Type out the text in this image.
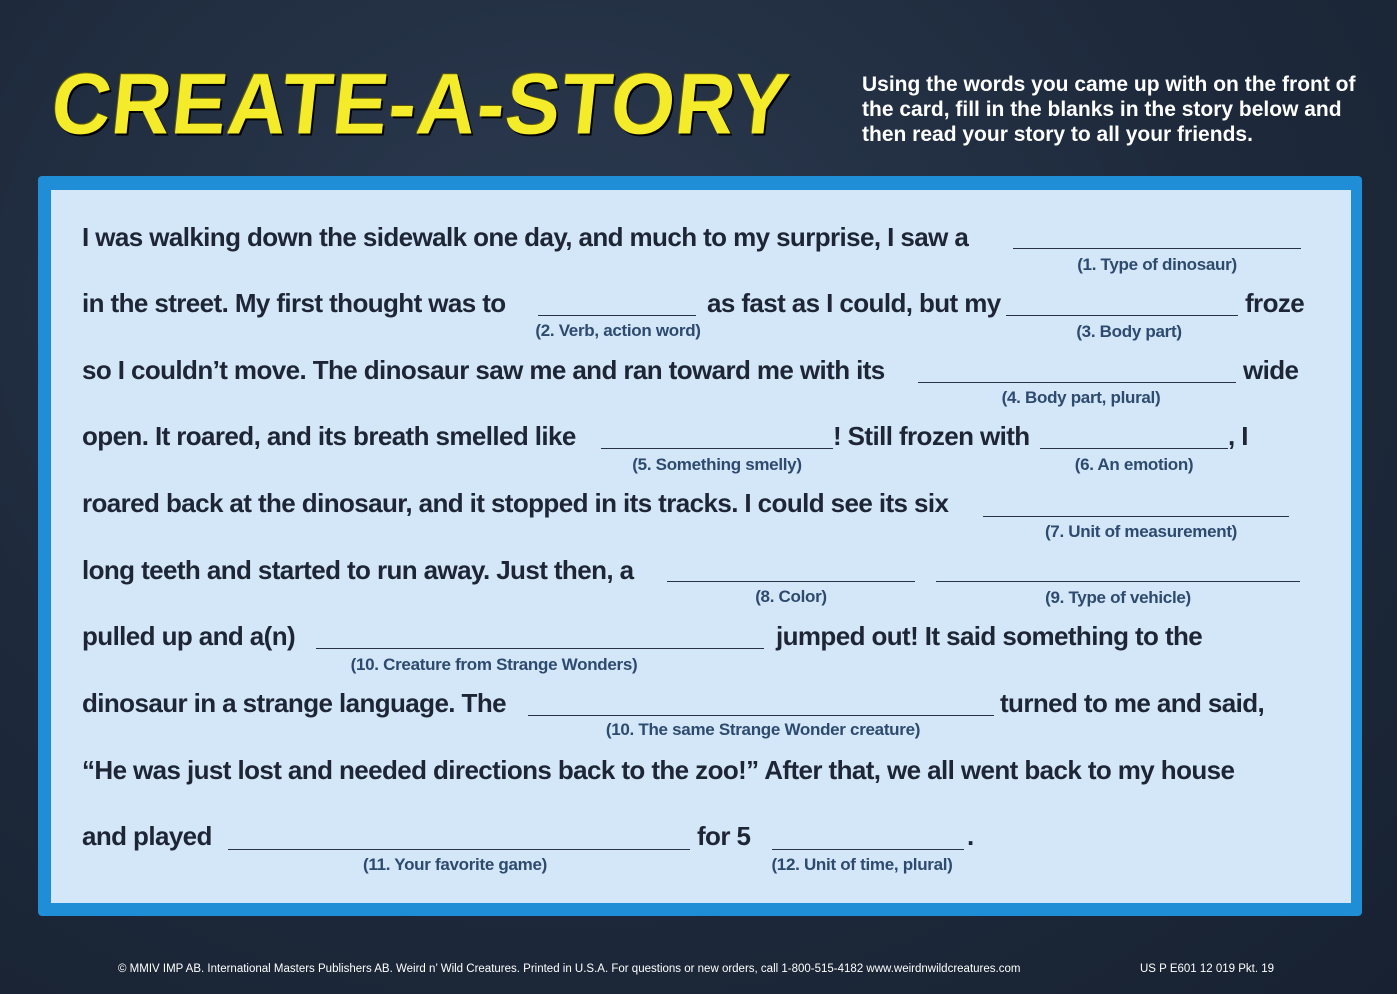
CREATE-A-STORY	Using the words you came up with on the front of the card, fill in the blanks in the story below and then read your story to all your friends.
I was walking down the sidewalk one day, and much to my surprise, I saw a
(1. Type of dinosaur)
in the street. My first thought was to
(2. Verb, action word)
as fast as I could, but my
(3. Body part)
froze
so I couldn’t move. The dinosaur saw me and ran toward me with its
(4. Body part, plural)
wide
open. It roared, and its breath smelled like
(5. Something smelly)
! Still frozen with
(6. An emotion)
, I
roared back at the dinosaur, and it stopped in its tracks. I could see its six
(7. Unit of measurement)
long teeth and started to run away. Just then, a
(8. Color)	(9. Type of vehicle)
pulled up and a(n)
(10. Creature from Strange Wonders)
jumped out! It said something to the
dinosaur in a strange language. The
(10. The same Strange Wonder creature)
turned to me and said,
“He was just lost and needed directions back to the zoo!” After that, we all went back to my house
and played
(11. Your favorite game)
for 5
(12. Unit of time, plural)
.
© MMIV IMP AB. International Masters Publishers AB. Weird n’ Wild Creatures. Printed in U.S.A. For questions or new orders, call 1-800-515-4182 www.weirdnwildcreatures.com	US P E601 12 019 Pkt. 19
